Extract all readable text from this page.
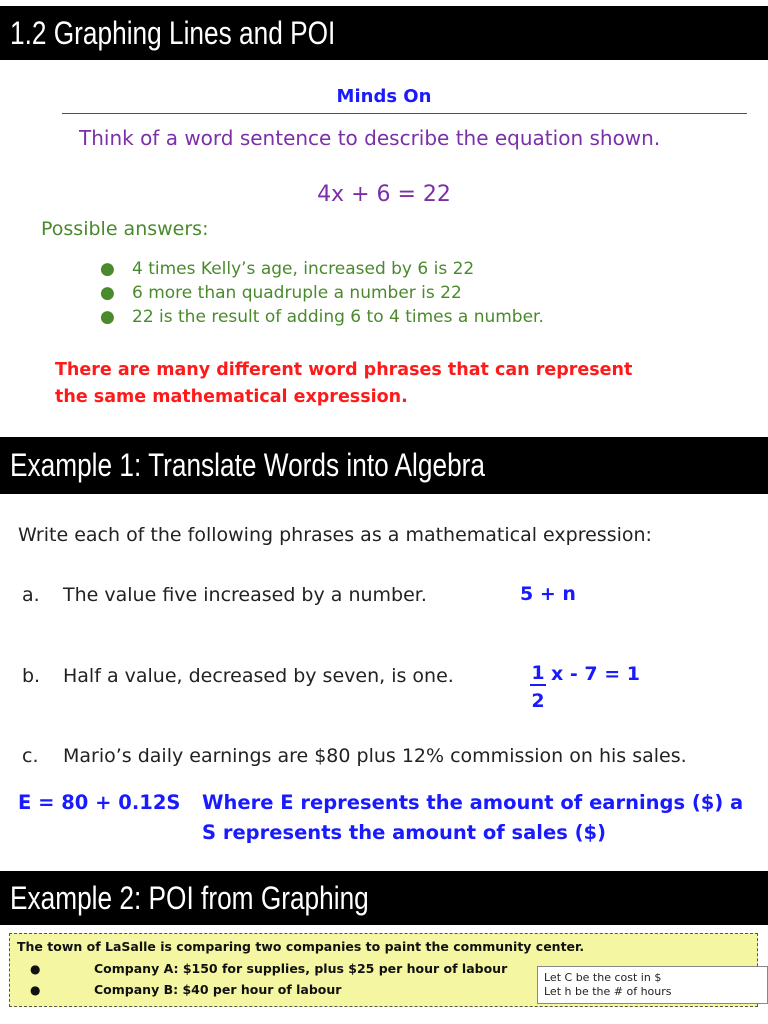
1.2 Graphing Lines and POI
Minds On
Think of a word sentence to describe the equation shown.
4x + 6 = 22
Possible answers:
● 4 times Kelly’s age, increased by 6 is 22
● 6 more than quadruple a number is 22
● 22 is the result of adding 6 to 4 times a number.
There are many different word phrases that can represent
the same mathematical expression.
Example 1: Translate Words into Algebra
Write each of the following phrases as a mathematical expression:
a. The value five increased by a number.	5 + n
b. Half a value, decreased by seven, is one.	$\frac{1}{2}$ x - 7 = 1
c. Mario’s daily earnings are $80 plus 12% commission on his sales.
E = 80 + 0.12S Where E represents the amount of earnings ($) a
S represents the amount of sales ($)
Example 2: POI from Graphing
The town of LaSalle is comparing two companies to paint the community center.
●	Company A: $150 for supplies, plus $25 per hour of labour
●	Company B: $40 per hour of labour
Let C be the cost in $
Let h be the # of hours
